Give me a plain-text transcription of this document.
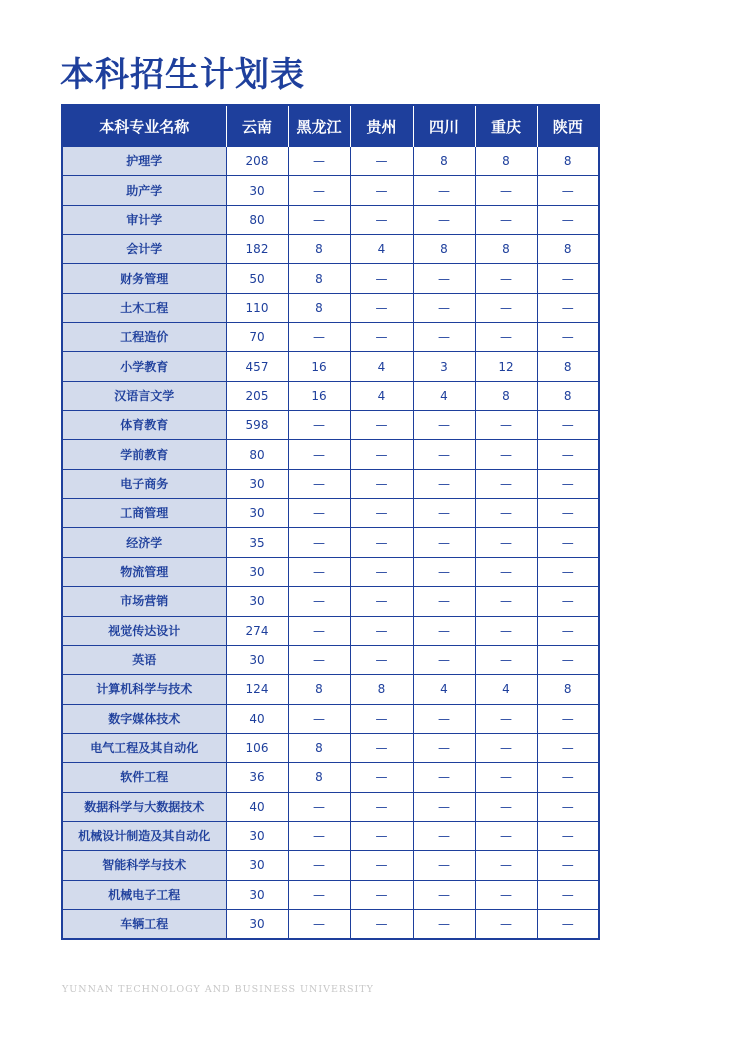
本科招生计划表
本科专业名称	云南	黑龙江	贵州	四川	重庆	陕西
护理学	208	—	—	8	8	8
助产学	30	—	—	—	—	—
审计学	80	—	—	—	—	—
会计学	182	8	4	8	8	8
财务管理	50	8	—	—	—	—
土木工程	110	8	—	—	—	—
工程造价	70	—	—	—	—	—
小学教育	457	16	4	3	12	8
汉语言文学	205	16	4	4	8	8
体育教育	598	—	—	—	—	—
学前教育	80	—	—	—	—	—
电子商务	30	—	—	—	—	—
工商管理	30	—	—	—	—	—
经济学	35	—	—	—	—	—
物流管理	30	—	—	—	—	—
市场营销	30	—	—	—	—	—
视觉传达设计	274	—	—	—	—	—
英语	30	—	—	—	—	—
计算机科学与技术	124	8	8	4	4	8
数字媒体技术	40	—	—	—	—	—
电气工程及其自动化	106	8	—	—	—	—
软件工程	36	8	—	—	—	—
数据科学与大数据技术	40	—	—	—	—	—
机械设计制造及其自动化	30	—	—	—	—	—
智能科学与技术	30	—	—	—	—	—
机械电子工程	30	—	—	—	—	—
车辆工程	30	—	—	—	—	—
YUNNAN TECHNOLOGY AND BUSINESS UNIVERSITY
